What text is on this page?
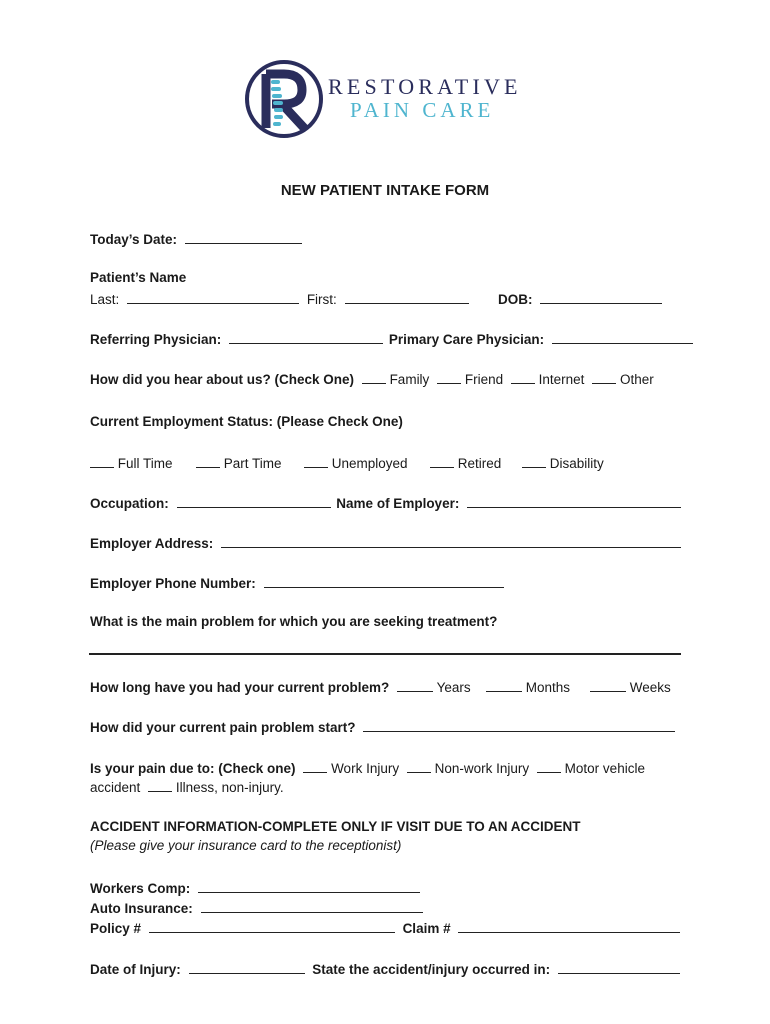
RESTORATIVE
PAIN CARE
NEW PATIENT INTAKE FORM
Today’s Date:
Patient’s Name
Last:	First:	DOB:
Referring Physician:	Primary Care Physician:
How did you hear about us? (Check One)	Family	Friend	Internet	Other
Current Employment Status: (Please Check One)
Full Time	Part Time	Unemployed	Retired	Disability
Occupation:	Name of Employer:
Employer Address:
Employer Phone Number:
What is the main problem for which you are seeking treatment?
How long have you had your current problem?	Years	Months	Weeks
How did your current pain problem start?
Is your pain due to: (Check one)	Work Injury	Non-work Injury	Motor vehicle
accident	Illness, non-injury.
ACCIDENT INFORMATION-COMPLETE ONLY IF VISIT DUE TO AN ACCIDENT
(Please give your insurance card to the receptionist)
Workers Comp:
Auto Insurance:
Policy #	Claim #
Date of Injury:	State the accident/injury occurred in:
